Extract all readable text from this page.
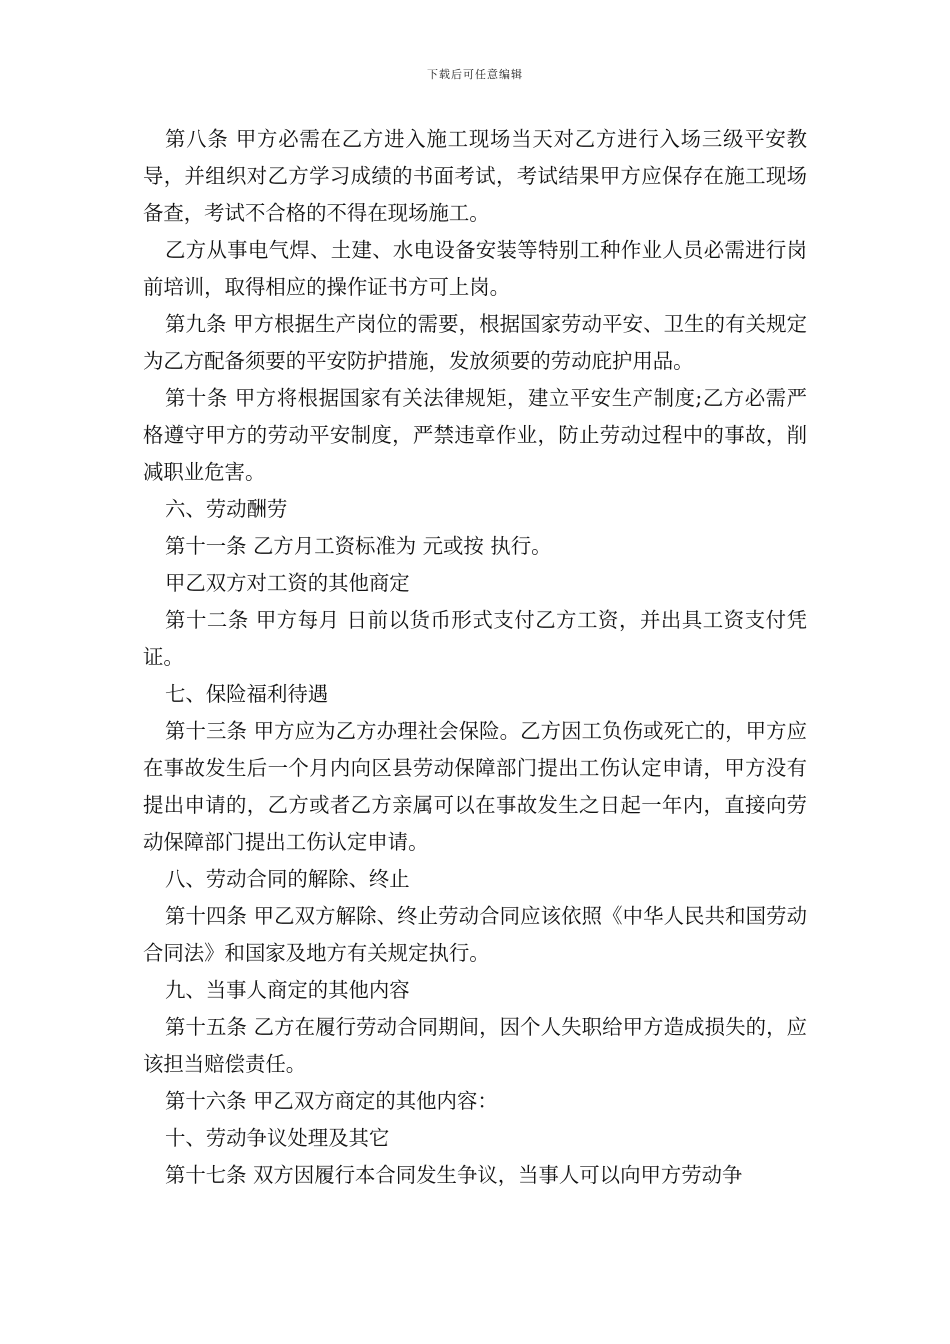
下载后可任意编辑

第八条 甲方必需在乙方进入施工现场当天对乙方进行入场三级平安教导，并组织对乙方学习成绩的书面考试，考试结果甲方应保存在施工现场备查，考试不合格的不得在现场施工。

乙方从事电气焊、土建、水电设备安装等特别工种作业人员必需进行岗前培训，取得相应的操作证书方可上岗。

第九条 甲方根据生产岗位的需要，根据国家劳动平安、卫生的有关规定为乙方配备须要的平安防护措施，发放须要的劳动庇护用品。

第十条 甲方将根据国家有关法律规矩，建立平安生产制度;乙方必需严格遵守甲方的劳动平安制度，严禁违章作业，防止劳动过程中的事故，削减职业危害。

六、劳动酬劳

第十一条 乙方月工资标准为 元或按 执行。

甲乙双方对工资的其他商定

第十二条 甲方每月 日前以货币形式支付乙方工资，并出具工资支付凭证。

七、保险福利待遇

第十三条 甲方应为乙方办理社会保险。乙方因工负伤或死亡的，甲方应在事故发生后一个月内向区县劳动保障部门提出工伤认定申请，甲方没有提出申请的，乙方或者乙方亲属可以在事故发生之日起一年内，直接向劳动保障部门提出工伤认定申请。

八、劳动合同的解除、终止

第十四条 甲乙双方解除、终止劳动合同应该依照《中华人民共和国劳动合同法》和国家及地方有关规定执行。

九、当事人商定的其他内容

第十五条 乙方在履行劳动合同期间，因个人失职给甲方造成损失的，应该担当赔偿责任。

第十六条 甲乙双方商定的其他内容：

十、劳动争议处理及其它

第十七条 双方因履行本合同发生争议，当事人可以向甲方劳动争
